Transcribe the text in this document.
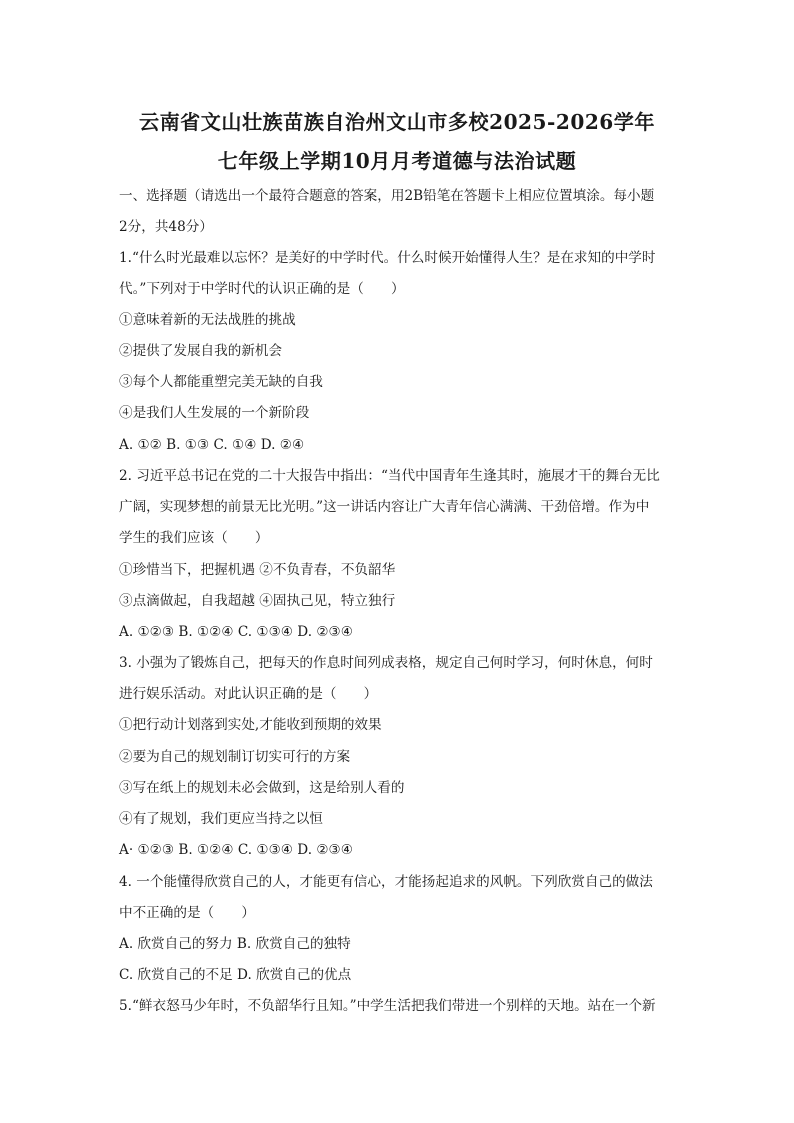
云南省文山壮族苗族自治州文山市多校2025-2026学年
七年级上学期10月月考道德与法治试题
一、选择题（请选出一个最符合题意的答案，用2B铅笔在答题卡上相应位置填涂。每小题
2分，共48分）
1.“什么时光最难以忘怀？是美好的中学时代。什么时候开始懂得人生？是在求知的中学时
代。”下列对于中学时代的认识正确的是（　　）
①意味着新的无法战胜的挑战
②提供了发展自我的新机会
③每个人都能重塑完美无缺的自我
④是我们人生发展的一个新阶段
A. ①② B. ①③ C. ①④ D. ②④
2. 习近平总书记在党的二十大报告中指出：“当代中国青年生逢其时，施展才干的舞台无比
广阔，实现梦想的前景无比光明。”这一讲话内容让广大青年信心满满、干劲倍增。作为中
学生的我们应该（　　）
①珍惜当下，把握机遇 ②不负青春，不负韶华
③点滴做起，自我超越 ④固执己见，特立独行
A. ①②③ B. ①②④ C. ①③④ D. ②③④
3. 小强为了锻炼自己，把每天的作息时间列成表格，规定自己何时学习，何时休息，何时
进行娱乐活动。对此认识正确的是（　　）
①把行动计划落到实处,才能收到预期的效果
②要为自己的规划制订切实可行的方案
③写在纸上的规划未必会做到，这是给别人看的
④有了规划，我们更应当持之以恒
A· ①②③ B. ①②④ C. ①③④ D. ②③④
4. 一个能懂得欣赏自己的人，才能更有信心，才能扬起追求的风帆。下列欣赏自己的做法
中不正确的是（　　）
A. 欣赏自己的努力 B. 欣赏自己的独特
C. 欣赏自己的不足 D. 欣赏自己的优点
5.“鲜衣怒马少年时，不负韶华行且知。”中学生活把我们带进一个别样的天地。站在一个新
